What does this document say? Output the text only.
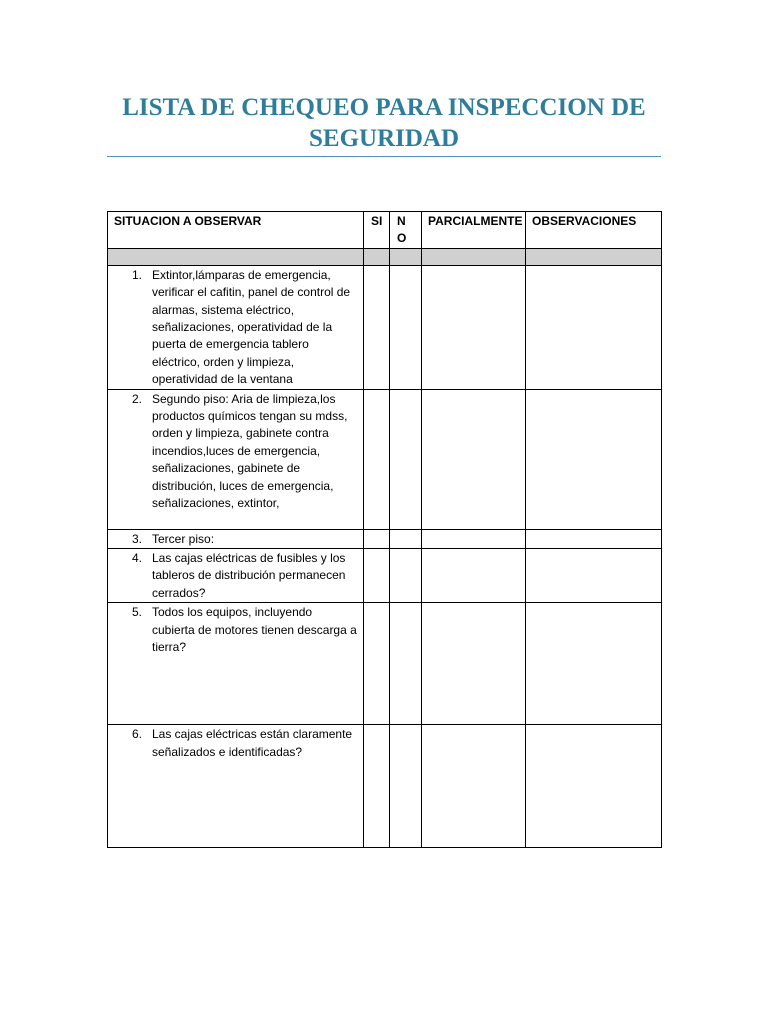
LISTA DE CHEQUEO PARA INSPECCION DE SEGURIDAD
SITUACION A OBSERVAR	SI	N O	PARCIALMENTE	OBSERVACIONES

1. Extintor,lámparas de emergencia, verificar el cafitin, panel de control de alarmas, sistema eléctrico, señalizaciones, operatividad de la puerta de emergencia tablero eléctrico, orden y limpieza, operatividad de la ventana				

2. Segundo piso: Aria de limpieza,los productos químicos tengan su mdss, orden y limpieza, gabinete contra incendios,luces de emergencia, señalizaciones, gabinete de distribución, luces de emergencia, señalizaciones, extintor,				

3. Tercer piso:				

4. Las cajas eléctricas de fusibles y los tableros de distribución permanecen cerrados?				

5. Todos los equipos, incluyendo cubierta de motores tienen descarga a tierra?				

6. Las cajas eléctricas están claramente señalizados e identificadas?				
